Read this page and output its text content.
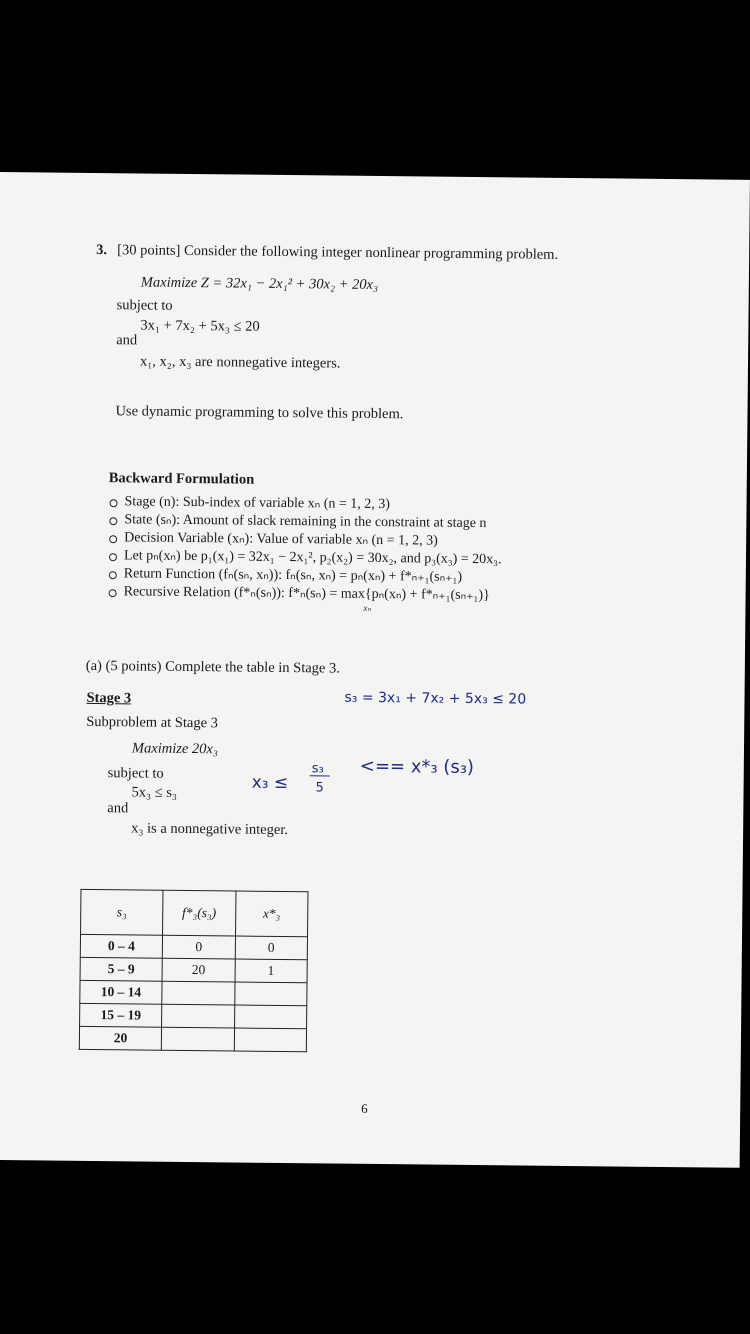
3. [30 points] Consider the following integer nonlinear programming problem.
Maximize Z = 32x₁ − 2x₁² + 30x₂ + 20x₃
subject to
3x₁ + 7x₂ + 5x₃ ≤ 20
and
x₁, x₂, x₃ are nonnegative integers.
Use dynamic programming to solve this problem.
Backward Formulation
Stage (n): Sub-index of variable xₙ (n = 1, 2, 3)
State (sₙ): Amount of slack remaining in the constraint at stage n
Decision Variable (xₙ): Value of variable xₙ (n = 1, 2, 3)
Let pₙ(xₙ) be p₁(x₁) = 32x₁ − 2x₁², p₂(x₂) = 30x₂, and p₃(x₃) = 20x₃.
Return Function (fₙ(sₙ, xₙ)): fₙ(sₙ, xₙ) = pₙ(xₙ) + f*ₙ₊₁(sₙ₊₁)
Recursive Relation (f*ₙ(sₙ)): f*ₙ(sₙ) = max{pₙ(xₙ) + f*ₙ₊₁(sₙ₊₁)}
xₙ
(a) (5 points) Complete the table in Stage 3.
Stage 3
Subproblem at Stage 3
Maximize 20x₃
subject to
5x₃ ≤ s₃
and
x₃ is a nonnegative integer.
s₃ = 3x₁ + 7x₂ + 5x₃ ≤ 20
x₃ ≤
s₃
5
<== x*₃ (s₃)
s₃	f*₃(s₃)	x*₃
0 – 4	0	0
5 – 9	20	1
10 – 14		
15 – 19		
20		
6
